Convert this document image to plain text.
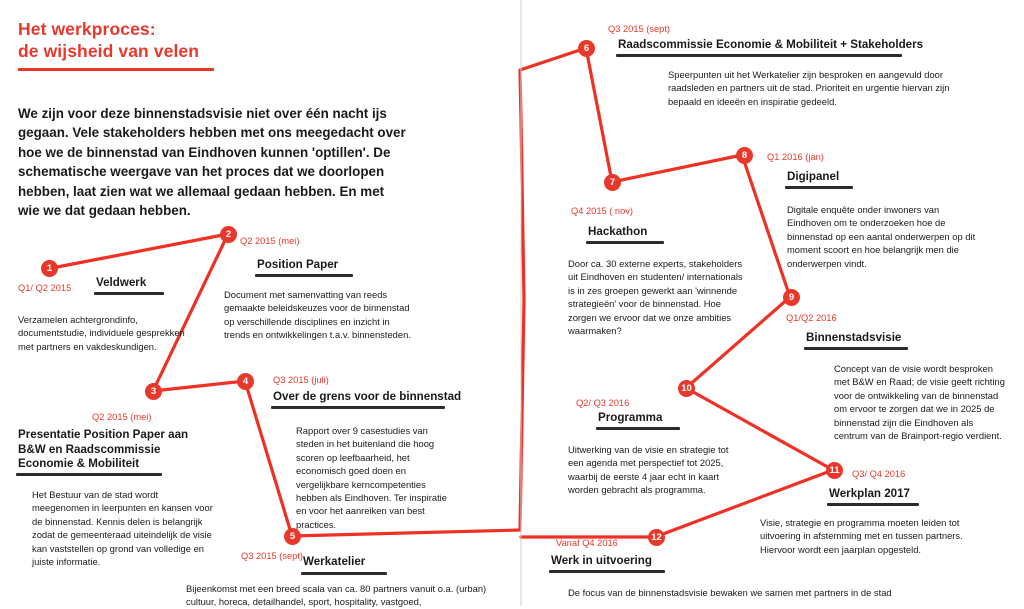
Het werkproces:
de wijsheid van velen
We zijn voor deze binnenstadsvisie niet over één nacht ijs gegaan. Vele stakeholders hebben met ons meegedacht over hoe we de binnenstad van Eindhoven kunnen 'optillen'. De schematische weergave van het proces dat we doorlopen hebben, laat zien wat we allemaal gedaan hebben. En met wie we dat gedaan hebben.
1
Q1/ Q2 2015 Veldwerk
Verzamelen achtergrondinfo, documentstudie, individuele gesprekken met partners en vakdeskundigen.
2
Q2 2015 (mei)
Position Paper
Document met samenvatting van reeds gemaakte beleidskeuzes voor de binnenstad op verschillende disciplines en inzicht in trends en ontwikkelingen t.a.v. binnensteden.
3
Q2 2015 (mei)
Presentatie Position Paper aan B&W en Raadscommissie Economie & Mobiliteit
Het Bestuur van de stad wordt meegenomen in leerpunten en kansen voor de binnenstad. Kennis delen is belangrijk zodat de gemeenteraad uiteindelijk de visie kan vaststellen op grond van volledige en juiste informatie.
4	Q3 2015 (juli)
Over de grens voor de binnenstad
Rapport over 9 casestudies van steden in het buitenland die hoog scoren op leefbaarheid, het economisch goed doen en vergelijkbare kerncompetenties hebben als Eindhoven. Ter inspiratie en voor het aanreiken van best practices.
5
Q3 2015 (sept) Werkatelier
Bijeenkomst met een breed scala van ca. 80 partners vanuit o.a. (urban) cultuur, horeca, detailhandel, sport, hospitality, vastgoed,
6
Q3 2015 (sept)
Raadscommissie Economie & Mobiliteit + Stakeholders
Speerpunten uit het Werkatelier zijn besproken en aangevuld door raadsleden en partners uit de stad. Prioriteit en urgentie hiervan zijn bepaald en ideeën en inspiratie gedeeld.
7
Q4 2015 ( nov)
Hackathon
Door ca. 30 externe experts, stakeholders uit Eindhoven en studenten/ internationals is in zes groepen gewerkt aan 'winnende strategieën' voor de binnenstad. Hoe zorgen we ervoor dat we onze ambities waarmaken?
8	Q1 2016 (jan)
Digipanel
Digitale enquête onder inwoners van Eindhoven om te onderzoeken hoe de binnenstad op een aantal onderwerpen op dit moment scoort en hoe belangrijk men die onderwerpen vindt.
9
Q1/Q2 2016
Binnenstadsvisie
Concept van de visie wordt besproken met B&W en Raad; de visie geeft richting voor de ontwikkeling van de binnenstad om ervoor te zorgen dat we in 2025 de binnenstad zijn die Eindhoven als centrum van de Brainport-regio verdient.
10
Q2/ Q3 2016
Programma
Uitwerking van de visie en strategie tot een agenda met perspectief tot 2025, waarbij de eerste 4 jaar echt in kaart worden gebracht als programma.
11	Q3/ Q4 2016
Werkplan 2017
Visie, strategie en programma moeten leiden tot uitvoering in afstemming met en tussen partners. Hiervoor wordt een jaarplan opgesteld.
12
Vanaf Q4 2016
Werk in uitvoering
De focus van de binnenstadsvisie bewaken we samen met partners in de stad
